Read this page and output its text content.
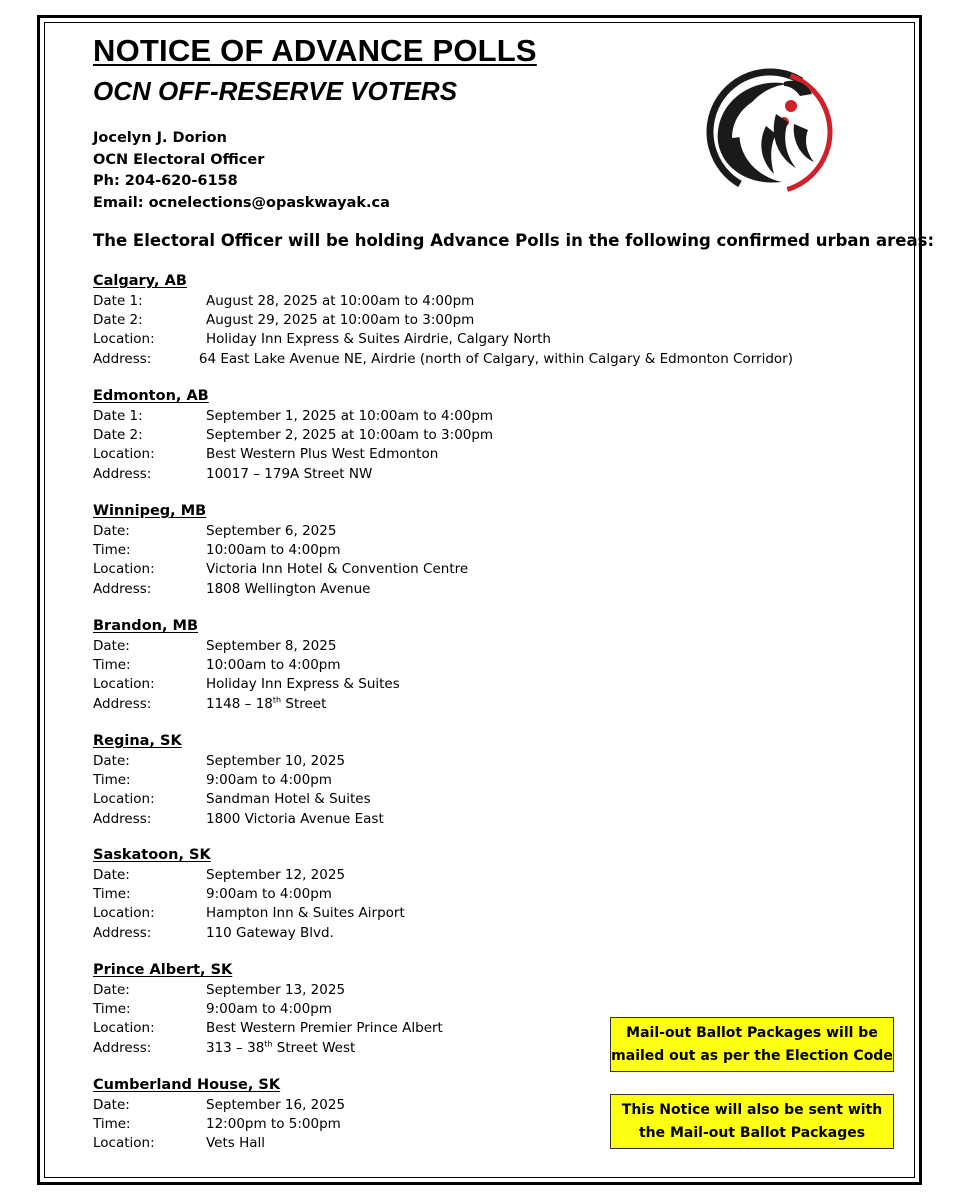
NOTICE OF ADVANCE POLLS
OCN OFF-RESERVE VOTERS
Jocelyn J. Dorion
OCN Electoral Officer
Ph: 204-620-6158
Email: ocnelections@opaskwayak.ca
The Electoral Officer will be holding Advance Polls in the following confirmed urban areas:
Calgary, AB
Date 1:	August 28, 2025 at 10:00am to 4:00pm
Date 2:	August 29, 2025 at 10:00am to 3:00pm
Location:	Holiday Inn Express & Suites Airdrie, Calgary North
Address:	64 East Lake Avenue NE, Airdrie (north of Calgary, within Calgary & Edmonton Corridor)
Edmonton, AB
Date 1:	September 1, 2025 at 10:00am to 4:00pm
Date 2:	September 2, 2025 at 10:00am to 3:00pm
Location:	Best Western Plus West Edmonton
Address:	10017 – 179A Street NW
Winnipeg, MB
Date:	September 6, 2025
Time:	10:00am to 4:00pm
Location:	Victoria Inn Hotel & Convention Centre
Address:	1808 Wellington Avenue
Brandon, MB
Date:	September 8, 2025
Time:	10:00am to 4:00pm
Location:	Holiday Inn Express & Suites
Address:	1148 – 18th Street
Regina, SK
Date:	September 10, 2025
Time:	9:00am to 4:00pm
Location:	Sandman Hotel & Suites
Address:	1800 Victoria Avenue East
Saskatoon, SK
Date:	September 12, 2025
Time:	9:00am to 4:00pm
Location:	Hampton Inn & Suites Airport
Address:	110 Gateway Blvd.
Prince Albert, SK
Date:	September 13, 2025
Time:	9:00am to 4:00pm
Location:	Best Western Premier Prince Albert
Address:	313 – 38th Street West
Cumberland House, SK
Date:	September 16, 2025
Time:	12:00pm to 5:00pm
Location:	Vets Hall
Mail-out Ballot Packages will be
mailed out as per the Election Code
This Notice will also be sent with
the Mail-out Ballot Packages
